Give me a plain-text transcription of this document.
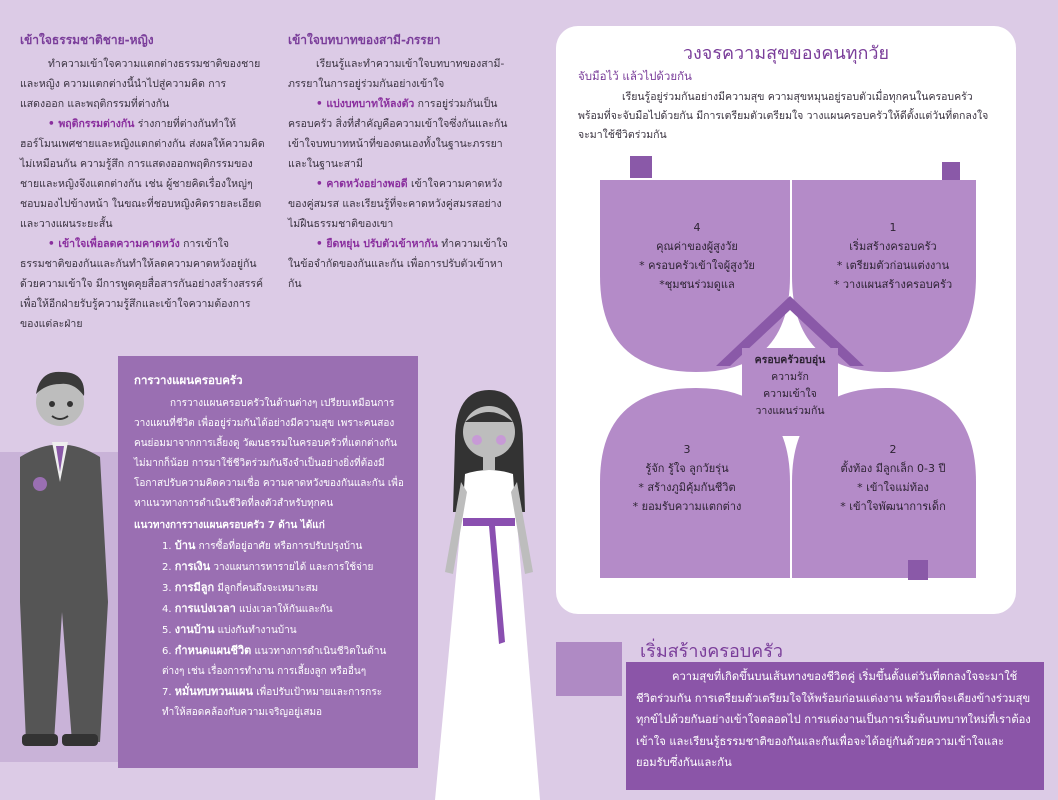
เข้าใจธรรมชาติชาย-หญิง

ทำความเข้าใจความแตกต่างธรรมชาติของชายและหญิง ความแตกต่างนี้นำไปสู่ความคิด การแสดงออก และพฤติกรรมที่ต่างกัน

• พฤติกรรมต่างกัน ร่างกายที่ต่างกันทำให้ฮอร์โมนเพศชายและหญิงแตกต่างกัน ส่งผลให้ความคิดไม่เหมือนกัน ความรู้สึก การแสดงออกพฤติกรรมของชายและหญิงจึงแตกต่างกัน เช่น ผู้ชายคิดเรื่องใหญ่ๆ ชอบมองไปข้างหน้า ในขณะที่ชอบหญิงคิดรายละเอียดและวางแผนระยะสั้น

• เข้าใจเพื่อลดความคาดหวัง การเข้าใจธรรมชาติของกันและกันทำให้ลดความคาดหวังอยู่กันด้วยความเข้าใจ มีการพูดคุยสื่อสารกันอย่างสร้างสรรค์ เพื่อให้อีกฝ่ายรับรู้ความรู้สึกและเข้าใจความต้องการของแต่ละฝ่าย

เข้าใจบทบาทของสามี-ภรรยา

เรียนรู้และทำความเข้าใจบทบาทของสามี-ภรรยาในการอยู่ร่วมกันอย่างเข้าใจ

• แบ่งบทบาทให้ลงตัว การอยู่ร่วมกันเป็นครอบครัว สิ่งที่สำคัญคือความเข้าใจซึ่งกันและกัน เข้าใจบทบาทหน้าที่ของตนเองทั้งในฐานะภรรยาและในฐานะสามี

• คาดหวังอย่างพอดี เข้าใจความคาดหวังของคู่สมรส และเรียนรู้ที่จะคาดหวังคู่สมรสอย่างไม่ฝืนธรรมชาติของเขา

• ยืดหยุ่น ปรับตัวเข้าหากัน ทำความเข้าใจในข้อจำกัดของกันและกัน เพื่อการปรับตัวเข้าหากัน

การวางแผนครอบครัว

การวางแผนครอบครัวในด้านต่างๆ เปรียบเหมือนการวางแผนที่ชีวิต เพื่ออยู่ร่วมกันได้อย่างมีความสุข เพราะคนสองคนย่อมมาจากการเลี้ยงดู วัฒนธรรมในครอบครัวที่แตกต่างกันไม่มากก็น้อย การมาใช้ชีวิตร่วมกันจึงจำเป็นอย่างยิ่งที่ต้องมีโอกาสปรับความคิดความเชื่อ ความคาดหวังของกันและกัน เพื่อหาแนวทางการดำเนินชีวิตที่ลงตัวสำหรับทุกคน

แนวทางการวางแผนครอบครัว 7 ด้าน ได้แก่
1. บ้าน การซื้อที่อยู่อาศัย หรือการปรับปรุงบ้าน
2. การเงิน วางแผนการหารายได้ และการใช้จ่าย
3. การมีลูก มีลูกกี่คนถึงจะเหมาะสม
4. การแบ่งเวลา แบ่งเวลาให้กันและกัน
5. งานบ้าน แบ่งกันทำงานบ้าน
6. กำหนดแผนชีวิต แนวทางการดำเนินชีวิตในด้านต่างๆ เช่น เรื่องการทำงาน การเลี้ยงลูก หรืออื่นๆ
7. หมั่นทบทวนแผน เพื่อปรับเป้าหมายและการกระทำให้สอดคล้องกับความเจริญอยู่เสมอ
วงจรความสุขของคนทุกวัย
จับมือไว้ แล้วไปด้วยกัน
เรียนรู้อยู่ร่วมกันอย่างมีความสุข ความสุขหมุนอยู่รอบตัวเมื่อทุกคนในครอบครัวพร้อมที่จะจับมือไปด้วยกัน มีการเตรียมตัวเตรียมใจ วางแผนครอบครัวให้ดีตั้งแต่วันที่ตกลงใจจะมาใช้ชีวิตร่วมกัน
4
คุณค่าของผู้สูงวัย
* ครอบครัวเข้าใจผู้สูงวัย
*ชุมชนร่วมดูแล
1
เริ่มสร้างครอบครัว
* เตรียมตัวก่อนแต่งงาน
* วางแผนสร้างครอบครัว
3
รู้จัก รู้ใจ ลูกวัยรุ่น
* สร้างภูมิคุ้มกันชีวิต
* ยอมรับความแตกต่าง
2
ตั้งท้อง มีลูกเล็ก 0-3 ปี
* เข้าใจแม่ท้อง
* เข้าใจพัฒนาการเด็ก
ครอบครัวอบอุ่น
ความรัก
ความเข้าใจ
วางแผนร่วมกัน
เริ่มสร้างครอบครัว
ความสุขที่เกิดขึ้นบนเส้นทางของชีวิตคู่ เริ่มขึ้นตั้งแต่วันที่ตกลงใจจะมาใช้ชีวิตร่วมกัน การเตรียมตัวเตรียมใจให้พร้อมก่อนแต่งงาน พร้อมที่จะเคียงข้างร่วมสุขทุกข์ไปด้วยกันอย่างเข้าใจตลอดไป การแต่งงานเป็นการเริ่มต้นบทบาทใหม่ที่เราต้องเข้าใจ และเรียนรู้ธรรมชาติของกันและกันเพื่อจะได้อยู่กันด้วยความเข้าใจและยอมรับซึ่งกันและกัน
